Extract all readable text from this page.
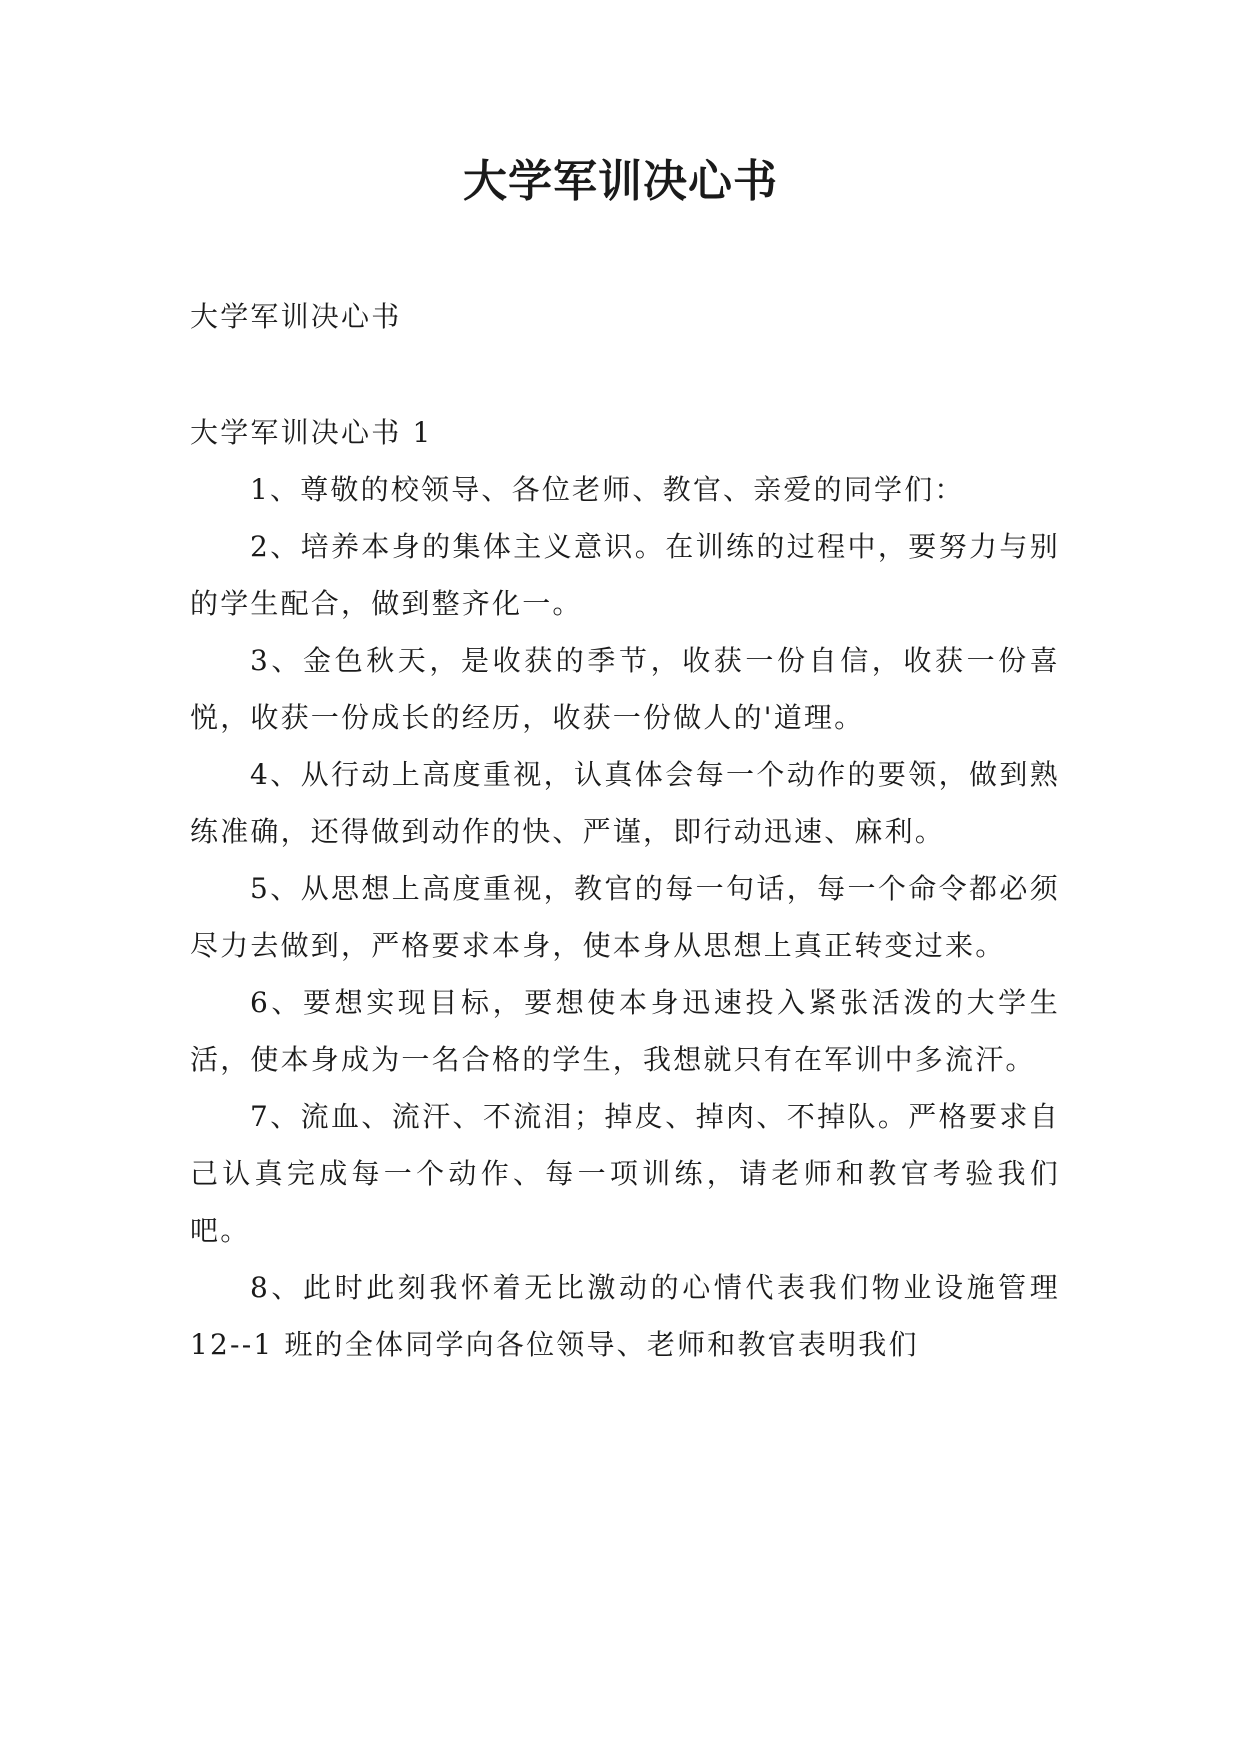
大学军训决心书
大学军训决心书
大学军训决心书 1

1、尊敬的校领导、各位老师、教官、亲爱的同学们：

2、培养本身的集体主义意识。在训练的过程中，要努力与别的学生配合，做到整齐化一。

3、金色秋天，是收获的季节，收获一份自信，收获一份喜悦，收获一份成长的经历，收获一份做人的'道理。

4、从行动上高度重视，认真体会每一个动作的要领，做到熟练准确，还得做到动作的快、严谨，即行动迅速、麻利。

5、从思想上高度重视，教官的每一句话，每一个命令都必须尽力去做到，严格要求本身，使本身从思想上真正转变过来。

6、要想实现目标，要想使本身迅速投入紧张活泼的大学生活，使本身成为一名合格的学生，我想就只有在军训中多流汗。

7、流血、流汗、不流泪；掉皮、掉肉、不掉队。严格要求自己认真完成每一个动作、每一项训练，请老师和教官考验我们吧。

8、此时此刻我怀着无比激动的心情代表我们物业设施管理 12--1 班的全体同学向各位领导、老师和教官表明我们
